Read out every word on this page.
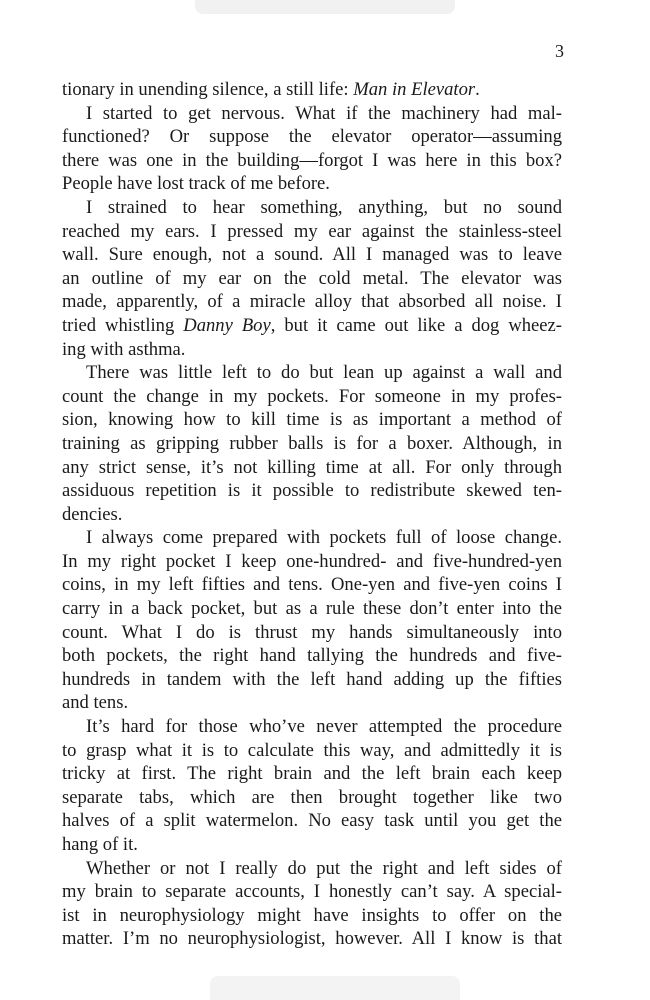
3

tionary in unending silence, a still life: Man in Elevator.

I started to get nervous. What if the machinery had mal-
functioned? Or suppose the elevator operator—assuming
there was one in the building—forgot I was here in this box?
People have lost track of me before.

I strained to hear something, anything, but no sound
reached my ears. I pressed my ear against the stainless-steel
wall. Sure enough, not a sound. All I managed was to leave
an outline of my ear on the cold metal. The elevator was
made, apparently, of a miracle alloy that absorbed all noise. I
tried whistling Danny Boy, but it came out like a dog wheez-
ing with asthma.

There was little left to do but lean up against a wall and
count the change in my pockets. For someone in my profes-
sion, knowing how to kill time is as important a method of
training as gripping rubber balls is for a boxer. Although, in
any strict sense, it’s not killing time at all. For only through
assiduous repetition is it possible to redistribute skewed ten-
dencies.

I always come prepared with pockets full of loose change.
In my right pocket I keep one-hundred- and five-hundred-yen
coins, in my left fifties and tens. One-yen and five-yen coins I
carry in a back pocket, but as a rule these don’t enter into the
count. What I do is thrust my hands simultaneously into
both pockets, the right hand tallying the hundreds and five-
hundreds in tandem with the left hand adding up the fifties
and tens.

It’s hard for those who’ve never attempted the procedure
to grasp what it is to calculate this way, and admittedly it is
tricky at first. The right brain and the left brain each keep
separate tabs, which are then brought together like two
halves of a split watermelon. No easy task until you get the
hang of it.

Whether or not I really do put the right and left sides of
my brain to separate accounts, I honestly can’t say. A special-
ist in neurophysiology might have insights to offer on the
matter. I’m no neurophysiologist, however. All I know is that
